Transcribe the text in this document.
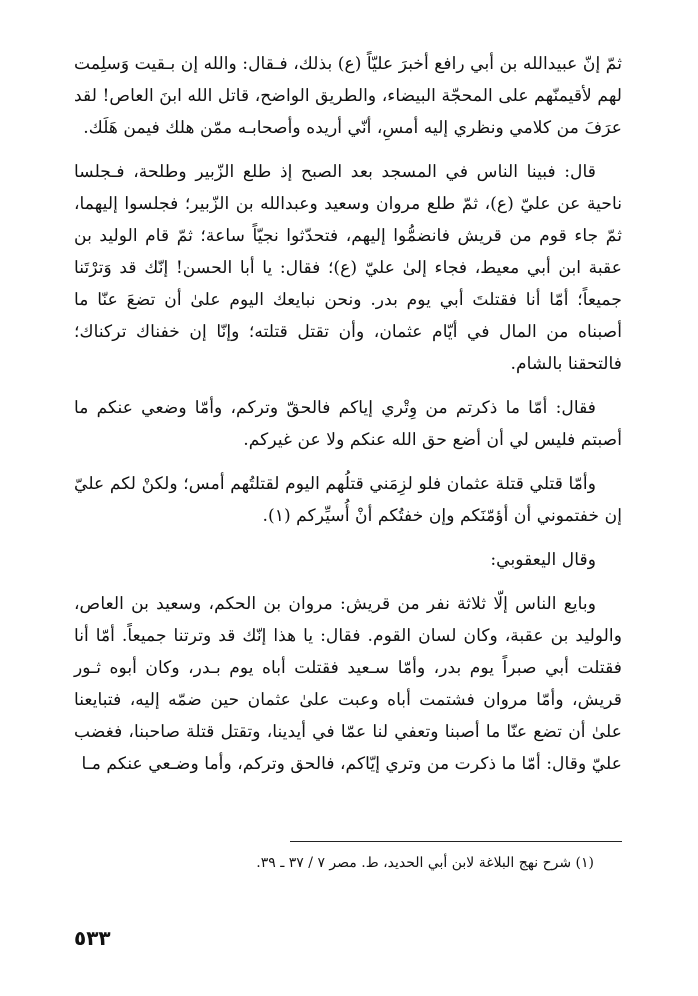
ثمّ إنّ عبيدالله بن أبي رافع أخبرَ عليّاً (ع) بذلك، فـقال: والله إن بـقيت وَسلِمت لهم لأقيمنّهم على المحجّة البيضاء، والطريق الواضح، قاتل الله ابنَ العاص! لقد عرَفَ من كلامي ونظري إليه أمسِ، أنّي أريده وأصحابـه ممّن هلك فيمن هَلَك.

قال: فبينا الناس في المسجد بعد الصبح إذ طلع الزّبير وطلحة، فـجلسا ناحية عن عليّ (ع)، ثمّ طلع مروان وسعيد وعبدالله بن الزّبير؛ فجلسوا إليهما، ثمّ جاء قوم من قريش فانضمُّوا إليهم، فتحدّثوا نجيّاً ساعة؛ ثمّ قام الوليد بن عقبة ابن أبي معيط، فجاء إلىٰ عليّ (ع)؛ فقال: يا أبا الحسن! إنّك قد وَترْتَنا جميعاً؛ أمّا أنا فقتلتَ أبي يوم بدر. ونحن نبايعك اليوم علىٰ أن تضعَ عنّا ما أصبناه من المال في أيّام عثمان، وأن تقتل قتلته؛ وإنّا إن خفناك تركناك؛ فالتحقنا بالشام.

فقال: أمّا ما ذكرتم من وِتْري إياكم فالحقّ وتركم، وأمّا وضعي عنكم ما أصبتم فليس لي أن أضع حق الله عنكم ولا عن غيركم.

وأمّا قتلي قتلة عثمان فلو لزِمَني قتلُهم اليوم لقتلتُهم أمس؛ ولكنْ لكم عليّ إن خفتموني أن أؤمّنَكم وإن خفتُكم أنْ أُسيِّركم (١).

وقال اليعقوبي:

وبايع الناس إلّا ثلاثة نفر من قريش: مروان بن الحكم، وسعيد بن العاص، والوليد بن عقبة، وكان لسان القوم. فقال: يا هذا إنّك قد وترتنا جميعاً. أمّا أنا فقتلت أبي صبراً يوم بدر، وأمّا سـعيد فقتلت أباه يوم بـدر، وكان أبوه ثـور قريش، وأمّا مروان فشتمت أباه وعبت علىٰ عثمان حين ضمّه إليه، فتبايعنا علىٰ أن تضع عنّا ما أصبنا وتعفي لنا عمّا في أيدينا، وتقتل قتلة صاحبنا، فغضب عليّ وقال: أمّا ما ذكرت من وتري إيّاكم، فالحق وتركم، وأما وضـعي عنكم مـا

(١) شرح نهج البلاغة لابن أبي الحديد، ط. مصر ٧ / ٣٧ ـ ٣٩.
٥٣٣
